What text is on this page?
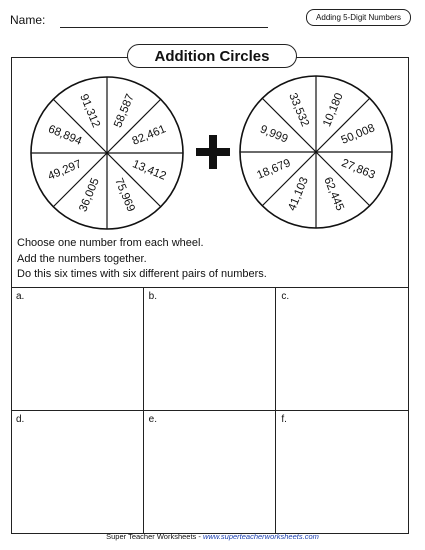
Name:	Adding 5-Digit Numbers
Addition Circles
58,587
82,461
13,412
75,969
36,005
49,297
68,894
91,312	10,180
50,008
27,863
62,445
41,103
18,679
9,999
33,532
Choose one number from each wheel.
Add the numbers together.
Do this six times with six different pairs of numbers.
a.	b.	c.
d.	e.	f.
Super Teacher Worksheets - www.superteacherworksheets.com
